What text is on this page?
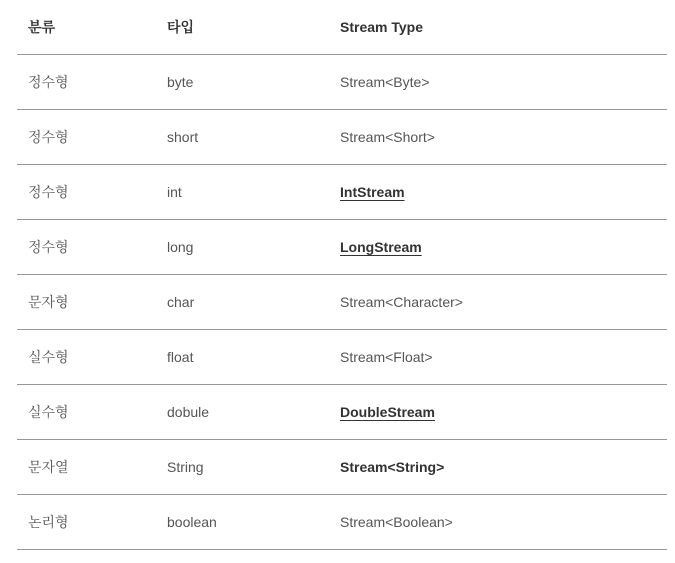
분류	타입	Stream Type
정수형	byte	Stream<Byte>
정수형	short	Stream<Short>
정수형	int	IntStream
정수형	long	LongStream
문자형	char	Stream<Character>
실수형	float	Stream<Float>
실수형	dobule	DoubleStream
문자열	String	Stream<String>
논리형	boolean	Stream<Boolean>
